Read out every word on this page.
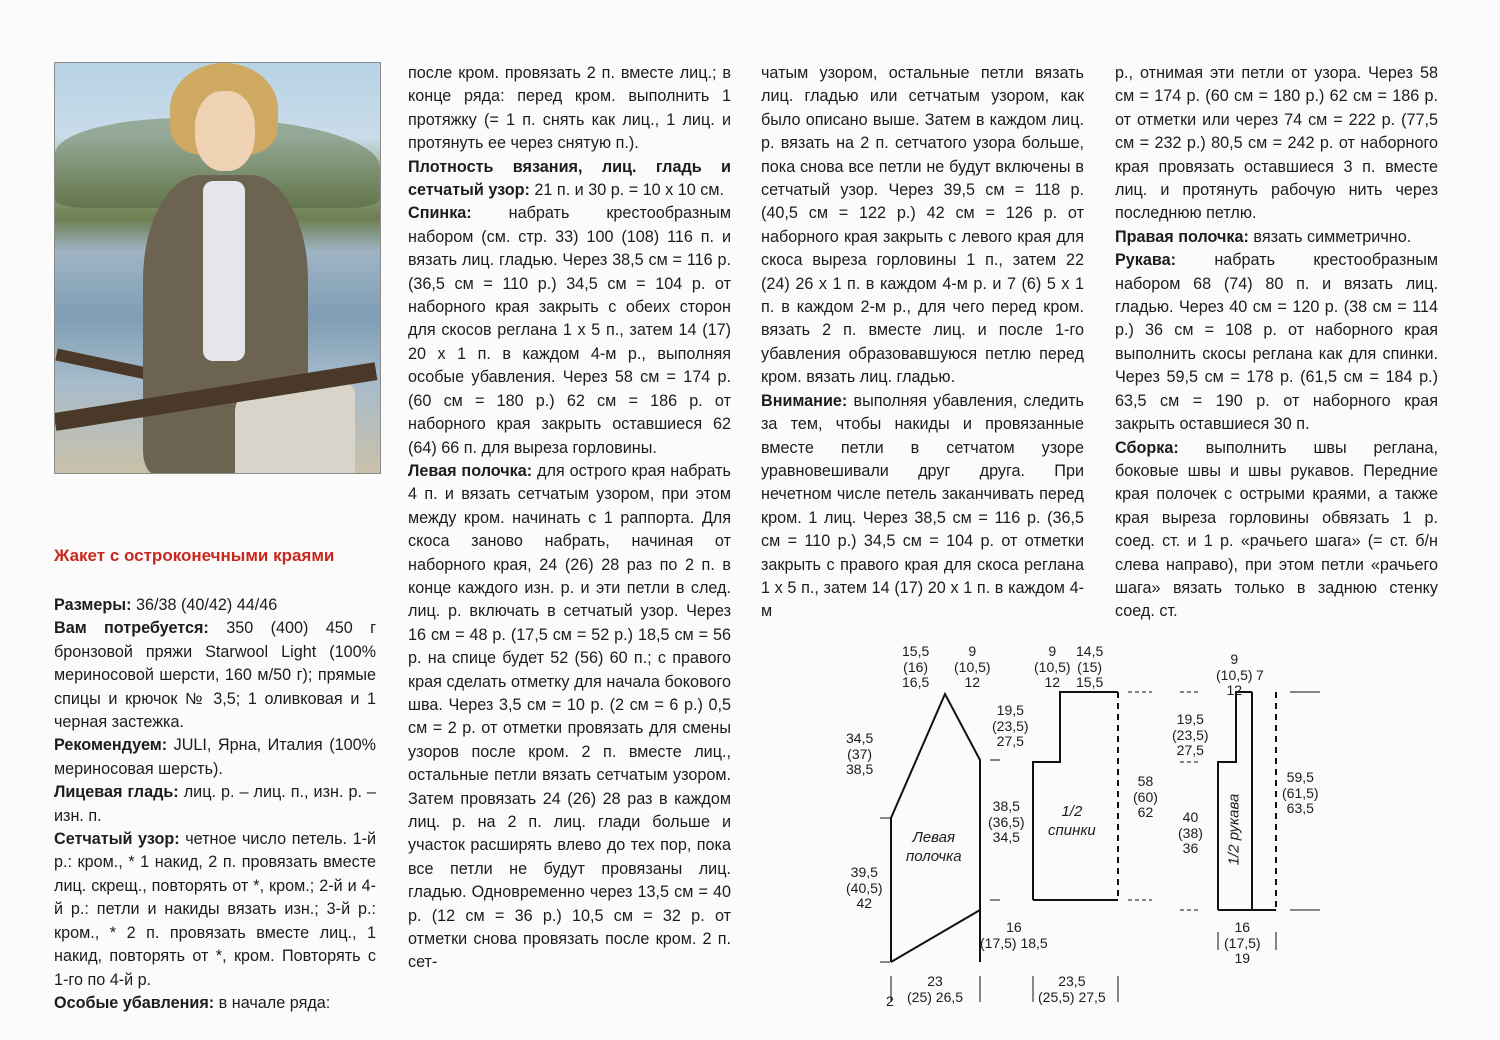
Жакет с остроконечными краями

Размеры: 36/38 (40/42) 44/46

Вам потребуется: 350 (400) 450 г бронзовой пряжи Starwool Light (100% мериносовой шерсти, 160 м/50 г); прямые спицы и крючок № 3,5; 1 оливковая и 1 черная застежка.

Рекомендуем: JULI, Ярна, Италия (100% мериносовая шерсть).

Лицевая гладь: лиц. р. – лиц. п., изн. р. – изн. п.

Сетчатый узор: четное число петель. 1-й р.: кром., * 1 накид, 2 п. провязать вместе лиц. скрещ., повторять от *, кром.; 2-й и 4-й р.: петли и накиды вязать изн.; 3-й р.: кром., * 2 п. провязать вместе лиц., 1 накид, повторять от *, кром. Повторять с 1-го по 4-й р.

Особые убавления: в начале ряда:

после кром. провязать 2 п. вместе лиц.; в конце ряда: перед кром. выполнить 1 протяжку (= 1 п. снять как лиц., 1 лиц. и протянуть ее через снятую п.).

Плотность вязания, лиц. гладь и сетчатый узор: 21 п. и 30 р. = 10 х 10 см.

Спинка: набрать крестообразным набором (см. стр. 33) 100 (108) 116 п. и вязать лиц. гладью. Через 38,5 см = 116 р. (36,5 см = 110 р.) 34,5 см = 104 р. от наборного края закрыть с обеих сторон для скосов реглана 1 х 5 п., затем 14 (17) 20 х 1 п. в каждом 4-м р., выполняя особые убавления. Через 58 см = 174 р. (60 см = 180 р.) 62 см = 186 р. от наборного края закрыть оставшиеся 62 (64) 66 п. для выреза горловины.

Левая полочка: для острого края набрать 4 п. и вязать сетчатым узором, при этом между кром. начинать с 1 раппорта. Для скоса заново набрать, начиная от наборного края, 24 (26) 28 раз по 2 п. в конце каждого изн. р. и эти петли в след. лиц. р. включать в сетчатый узор. Через 16 см = 48 р. (17,5 см = 52 р.) 18,5 см = 56 р. на спице будет 52 (56) 60 п.; с правого края сделать отметку для начала бокового шва. Через 3,5 см = 10 р. (2 см = 6 р.) 0,5 см = 2 р. от отметки провязать для смены узоров после кром. 2 п. вместе лиц., остальные петли вязать сетчатым узором. Затем провязать 24 (26) 28 раз в каждом лиц. р. на 2 п. лиц. глади больше и участок расширять влево до тех пор, пока все петли не будут провязаны лиц. гладью. Одновременно через 13,5 см = 40 р. (12 см = 36 р.) 10,5 см = 32 р. от отметки снова провязать после кром. 2 п. сет-

чатым узором, остальные петли вязать лиц. гладью или сетчатым узором, как было описано выше. Затем в каждом лиц. р. вязать на 2 п. сетчатого узора больше, пока снова все петли не будут включены в сетчатый узор. Через 39,5 см = 118 р. (40,5 см = 122 р.) 42 см = 126 р. от наборного края закрыть с левого края для скоса выреза горловины 1 п., затем 22 (24) 26 х 1 п. в каждом 4-м р. и 7 (6) 5 х 1 п. в каждом 2-м р., для чего перед кром. вязать 2 п. вместе лиц. и после 1-го убавления образовавшуюся петлю перед кром. вязать лиц. гладью.

Внимание: выполняя убавления, следить за тем, чтобы накиды и провязанные вместе петли в сетчатом узоре уравновешивали друг друга. При нечетном числе петель заканчивать перед кром. 1 лиц. Через 38,5 см = 116 р. (36,5 см = 110 р.) 34,5 см = 104 р. от отметки закрыть с правого края для скоса реглана 1 х 5 п., затем 14 (17) 20 х 1 п. в каждом 4-м

р., отнимая эти петли от узора. Через 58 см = 174 р. (60 см = 180 р.) 62 см = 186 р. от отметки или через 74 см = 222 р. (77,5 см = 232 р.) 80,5 см = 242 р. от наборного края провязать оставшиеся 3 п. вместе лиц. и протянуть рабочую нить через последнюю петлю.

Правая полочка: вязать симметрично.

Рукава: набрать крестообразным набором 68 (74) 80 п. и вязать лиц. гладью. Через 40 см = 120 р. (38 см = 114 р.) 36 см = 108 р. от наборного края выполнить скосы реглана как для спинки. Через 59,5 см = 178 р. (61,5 см = 184 р.) 63,5 см = 190 р. от наборного края закрыть оставшиеся 30 п.

Сборка: выполнить швы реглана, боковые швы и швы рукавов. Передние края полочек с острыми краями, а также края выреза горловины обвязать 1 р. соед. ст. и 1 р. «рачьего шага» (= ст. б/н слева направо), при этом петли «рачьего шага» вязать только в заднюю стенку соед. ст.

15,5
(16)
16,5
9
(10,5)
12
34,5
(37)
38,5
19,5
(23,5)
27,5
38,5
(36,5)
34,5
39,5
(40,5)
42
23
(25) 26,5
2
Левая
полочка
9
(10,5)
12
14,5
(15)
15,5
58
(60)
62
16
(17,5) 18,5
23,5
(25,5) 27,5
1/2
спинки
9
(10,5)
12
7
19,5
(23,5)
27,5
40
(38)
36
59,5
(61,5)
63,5
16
(17,5)
19
1/2 рукава
